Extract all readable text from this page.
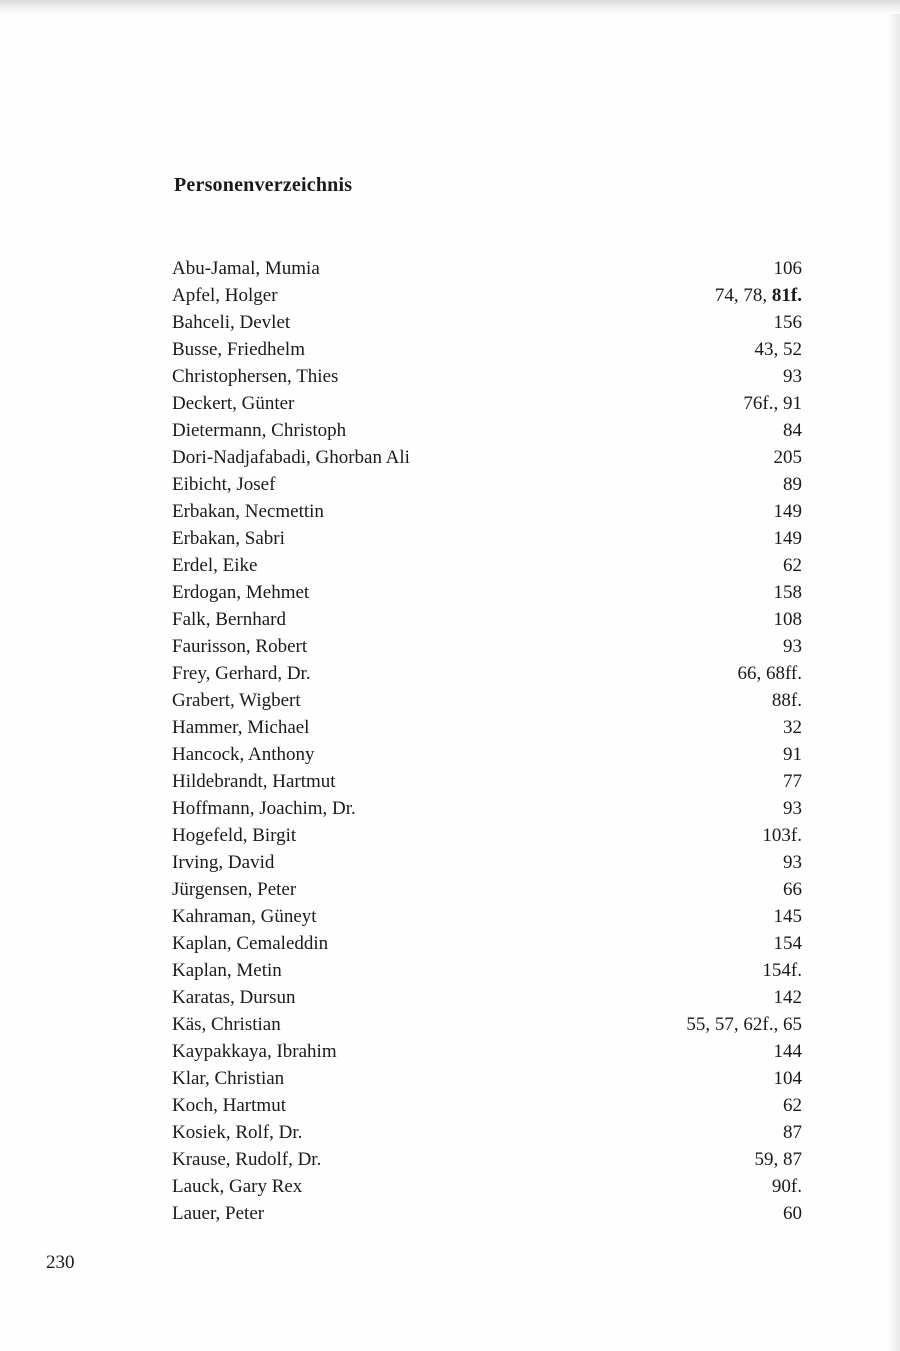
Personenverzeichnis
Abu-Jamal, Mumia	106
Apfel, Holger	74, 78, 81f.
Bahceli, Devlet	156
Busse, Friedhelm	43, 52
Christophersen, Thies	93
Deckert, Günter	76f., 91
Dietermann, Christoph	84
Dori-Nadjafabadi, Ghorban Ali	205
Eibicht, Josef	89
Erbakan, Necmettin	149
Erbakan, Sabri	149
Erdel, Eike	62
Erdogan, Mehmet	158
Falk, Bernhard	108
Faurisson, Robert	93
Frey, Gerhard, Dr.	66, 68ff.
Grabert, Wigbert	88f.
Hammer, Michael	32
Hancock, Anthony	91
Hildebrandt, Hartmut	77
Hoffmann, Joachim, Dr.	93
Hogefeld, Birgit	103f.
Irving, David	93
Jürgensen, Peter	66
Kahraman, Güneyt	145
Kaplan, Cemaleddin	154
Kaplan, Metin	154f.
Karatas, Dursun	142
Käs, Christian	55, 57, 62f., 65
Kaypakkaya, Ibrahim	144
Klar, Christian	104
Koch, Hartmut	62
Kosiek, Rolf, Dr.	87
Krause, Rudolf, Dr.	59, 87
Lauck, Gary Rex	90f.
Lauer, Peter	60
230
